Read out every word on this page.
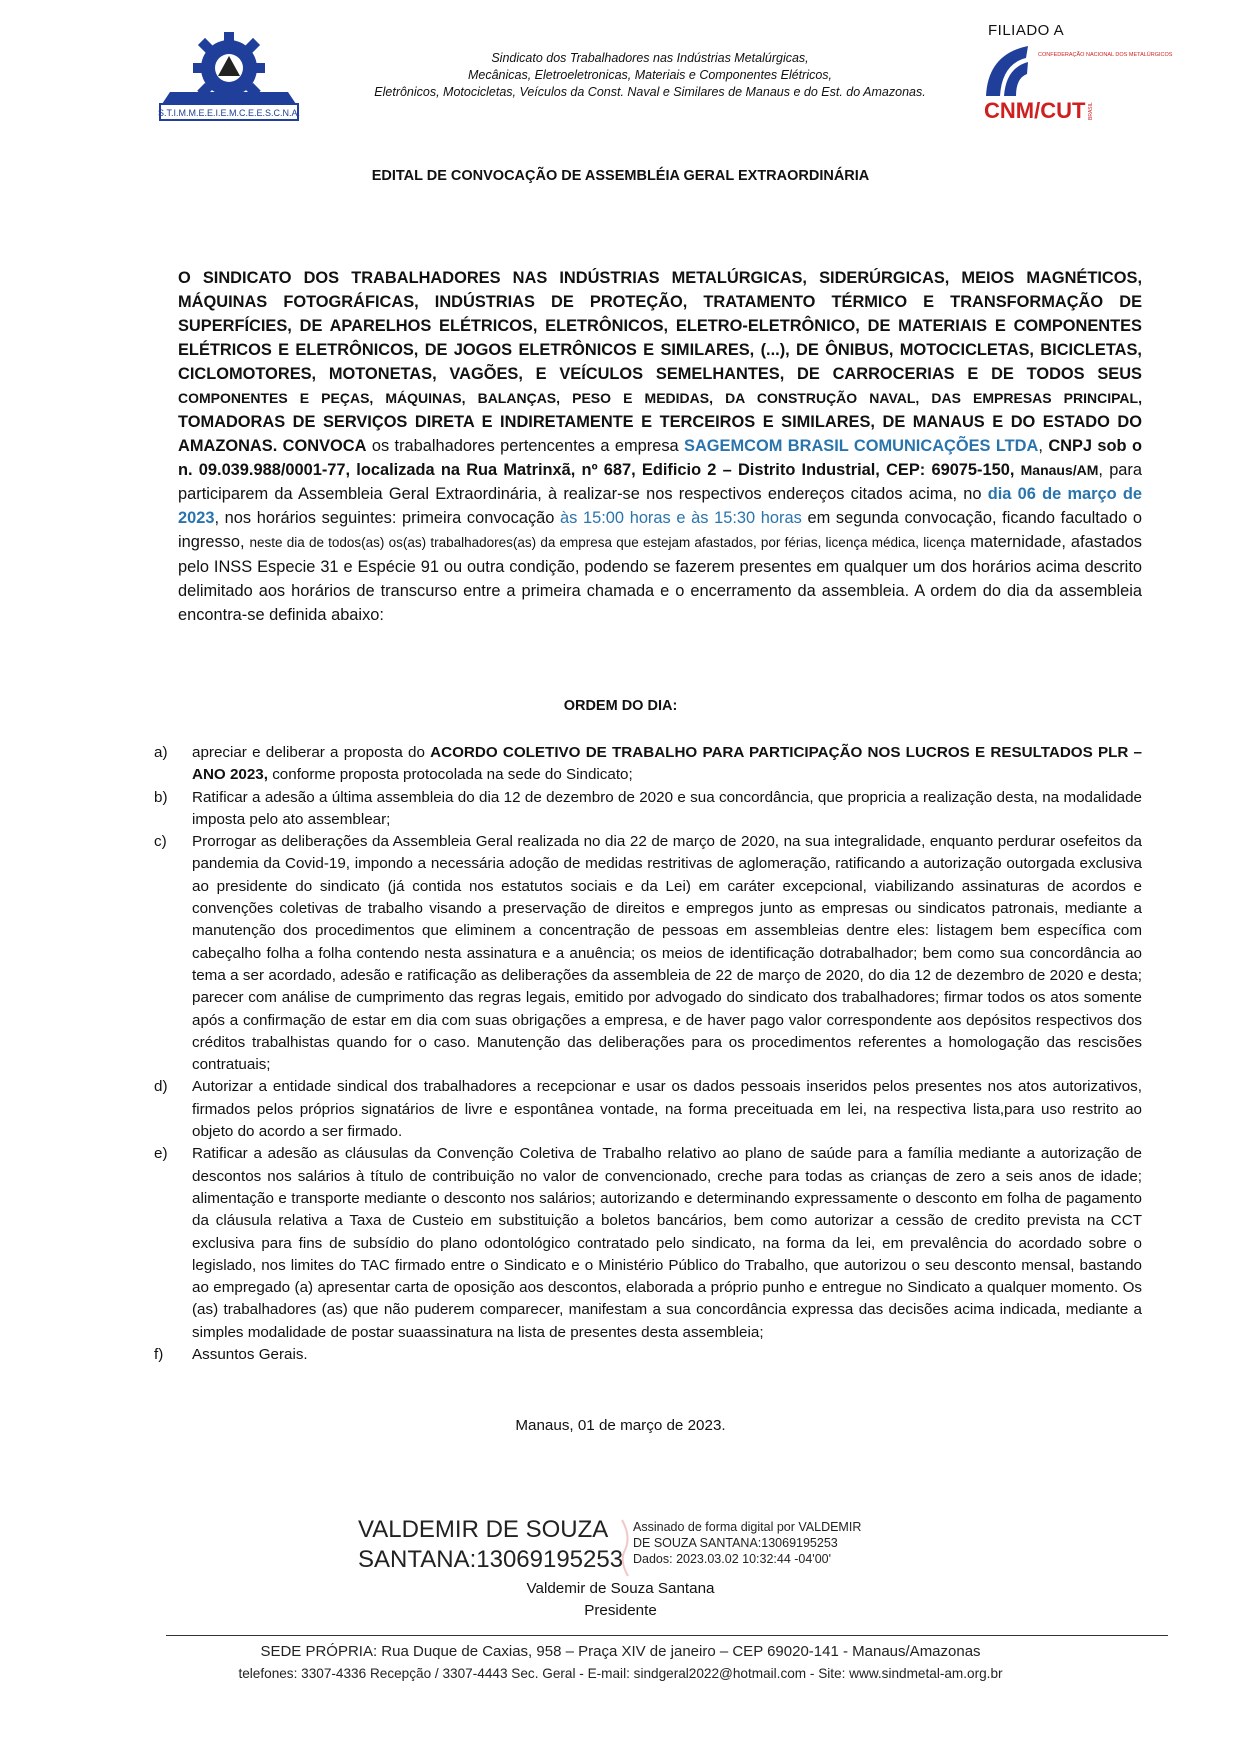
S.T.I.M.M.E.E.I.E.M.C.E.E.S.C.N.A.
Sindicato dos Trabalhadores nas Indústrias Metalúrgicas,
Mecânicas, Eletroeletronicas, Materiais e Componentes Elétricos,
Eletrônicos, Motocicletas, Veículos da Const. Naval e Similares de Manaus e do Est. do Amazonas.
FILIADO A
CONFEDERAÇÃO NACIONAL DOS METALÚRGICOS
CNM/CUT BRASIL
EDITAL DE CONVOCAÇÃO DE ASSEMBLÉIA GERAL EXTRAORDINÁRIA
O SINDICATO DOS TRABALHADORES NAS INDÚSTRIAS METALÚRGICAS, SIDERÚRGICAS, MEIOS MAGNÉTICOS, MÁQUINAS FOTOGRÁFICAS, INDÚSTRIAS DE PROTEÇÃO, TRATAMENTO TÉRMICO E TRANSFORMAÇÃO DE SUPERFÍCIES, DE APARELHOS ELÉTRICOS, ELETRÔNICOS, ELETRO-ELETRÔNICO, DE MATERIAIS E COMPONENTES ELÉTRICOS E ELETRÔNICOS, DE JOGOS ELETRÔNICOS E SIMILARES, (...), DE ÔNIBUS, MOTOCICLETAS, BICICLETAS, CICLOMOTORES, MOTONETAS, VAGÕES, E VEÍCULOS SEMELHANTES, DE CARROCERIAS E DE TODOS SEUS COMPONENTES E PEÇAS, MÁQUINAS, BALANÇAS, PESO E MEDIDAS, DA CONSTRUÇÃO NAVAL, DAS EMPRESAS PRINCIPAL, TOMADORAS DE SERVIÇOS DIRETA E INDIRETAMENTE E TERCEIROS E SIMILARES, DE MANAUS E DO ESTADO DO AMAZONAS. CONVOCA os trabalhadores pertencentes a empresa SAGEMCOM BRASIL COMUNICAÇÕES LTDA, CNPJ sob o n. 09.039.988/0001-77, localizada na Rua Matrinxã, nº 687, Edificio 2 – Distrito Industrial, CEP: 69075-150, Manaus/AM, para participarem da Assembleia Geral Extraordinária, à realizar-se nos respectivos endereços citados acima, no dia 06 de março de 2023, nos horários seguintes: primeira convocação às 15:00 horas e às 15:30 horas em segunda convocação, ficando facultado o ingresso, neste dia de todos(as) os(as) trabalhadores(as) da empresa que estejam afastados, por férias, licença médica, licença maternidade, afastados pelo INSS Especie 31 e Espécie 91 ou outra condição, podendo se fazerem presentes em qualquer um dos horários acima descrito delimitado aos horários de transcurso entre a primeira chamada e o encerramento da assembleia. A ordem do dia da assembleia encontra-se definida abaixo:
ORDEM DO DIA:
a) apreciar e deliberar a proposta do ACORDO COLETIVO DE TRABALHO PARA PARTICIPAÇÃO NOS LUCROS E RESULTADOS PLR – ANO 2023, conforme proposta protocolada na sede do Sindicato;
b) Ratificar a adesão a última assembleia do dia 12 de dezembro de 2020 e sua concordância, que propricia a realização desta, na modalidade imposta pelo ato assemblear;
c) Prorrogar as deliberações da Assembleia Geral realizada no dia 22 de março de 2020, na sua integralidade, enquanto perdurar osefeitos da pandemia da Covid-19, impondo a necessária adoção de medidas restritivas de aglomeração, ratificando a autorização outorgada exclusiva ao presidente do sindicato (já contida nos estatutos sociais e da Lei) em caráter excepcional, viabilizando assinaturas de acordos e convenções coletivas de trabalho visando a preservação de direitos e empregos junto as empresas ou sindicatos patronais, mediante a manutenção dos procedimentos que eliminem a concentração de pessoas em assembleias dentre eles: listagem bem específica com cabeçalho folha a folha contendo nesta assinatura e a anuência; os meios de identificação dotrabalhador; bem como sua concordância ao tema a ser acordado, adesão e ratificação as deliberações da assembleia de 22 de março de 2020, do dia 12 de dezembro de 2020 e desta; parecer com análise de cumprimento das regras legais, emitido por advogado do sindicato dos trabalhadores; firmar todos os atos somente após a confirmação de estar em dia com suas obrigações a empresa, e de haver pago valor correspondente aos depósitos respectivos dos créditos trabalhistas quando for o caso. Manutenção das deliberações para os procedimentos referentes a homologação das rescisões contratuais;
d) Autorizar a entidade sindical dos trabalhadores a recepcionar e usar os dados pessoais inseridos pelos presentes nos atos autorizativos, firmados pelos próprios signatários de livre e espontânea vontade, na forma preceituada em lei, na respectiva lista,para uso restrito ao objeto do acordo a ser firmado.
e) Ratificar a adesão as cláusulas da Convenção Coletiva de Trabalho relativo ao plano de saúde para a família mediante a autorização de descontos nos salários à título de contribuição no valor de convencionado, creche para todas as crianças de zero a seis anos de idade; alimentação e transporte mediante o desconto nos salários; autorizando e determinando expressamente o desconto em folha de pagamento da cláusula relativa a Taxa de Custeio em substituição a boletos bancários, bem como autorizar a cessão de credito prevista na CCT exclusiva para fins de subsídio do plano odontológico contratado pelo sindicato, na forma da lei, em prevalência do acordado sobre o legislado, nos limites do TAC firmado entre o Sindicato e o Ministério Público do Trabalho, que autorizou o seu desconto mensal, bastando ao empregado (a) apresentar carta de oposição aos descontos, elaborada a próprio punho e entregue no Sindicato a qualquer momento. Os (as) trabalhadores (as) que não puderem comparecer, manifestam a sua concordância expressa das decisões acima indicada, mediante a simples modalidade de postar suaassinatura na lista de presentes desta assembleia;
f) Assuntos Gerais.
Manaus, 01 de março de 2023.
VALDEMIR DE SOUZA
SANTANA:13069195253
Assinado de forma digital por VALDEMIR
DE SOUZA SANTANA:13069195253
Dados: 2023.03.02 10:32:44 -04'00'
Valdemir de Souza Santana
Presidente
SEDE PRÓPRIA: Rua Duque de Caxias, 958 – Praça XIV de janeiro – CEP 69020-141 - Manaus/Amazonas
telefones: 3307-4336 Recepção / 3307-4443 Sec. Geral - E-mail: sindgeral2022@hotmail.com - Site: www.sindmetal-am.org.br
